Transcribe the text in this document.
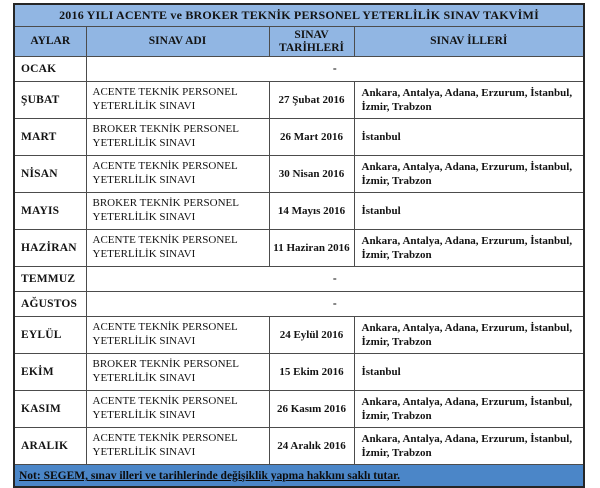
2016 YILI ACENTE ve BROKER TEKNİK PERSONEL YETERLİLİK SINAV TAKVİMİ			
AYLAR	SINAV ADI	SINAV TARİHLERİ	SINAV İLLERİ
OCAK	-		
ŞUBAT	ACENTE TEKNİK PERSONEL YETERLİLİK SINAVI	27 Şubat 2016	Ankara, Antalya, Adana, Erzurum, İstanbul, İzmir, Trabzon
MART	BROKER TEKNİK PERSONEL YETERLİLİK SINAVI	26 Mart 2016	İstanbul
NİSAN	ACENTE TEKNİK PERSONEL YETERLİLİK SINAVI	30 Nisan 2016	Ankara, Antalya, Adana, Erzurum, İstanbul, İzmir, Trabzon
MAYIS	BROKER TEKNİK PERSONEL YETERLİLİK SINAVI	14 Mayıs 2016	İstanbul
HAZİRAN	ACENTE TEKNİK PERSONEL YETERLİLİK SINAVI	11 Haziran 2016	Ankara, Antalya, Adana, Erzurum, İstanbul, İzmir, Trabzon
TEMMUZ	-		
AĞUSTOS	-		
EYLÜL	ACENTE TEKNİK PERSONEL YETERLİLİK SINAVI	24 Eylül 2016	Ankara, Antalya, Adana, Erzurum, İstanbul, İzmir, Trabzon
EKİM	BROKER TEKNİK PERSONEL YETERLİLİK SINAVI	15 Ekim 2016	İstanbul
KASIM	ACENTE TEKNİK PERSONEL YETERLİLİK SINAVI	26 Kasım 2016	Ankara, Antalya, Adana, Erzurum, İstanbul, İzmir, Trabzon
ARALIK	ACENTE TEKNİK PERSONEL YETERLİLİK SINAVI	24 Aralık 2016	Ankara, Antalya, Adana, Erzurum, İstanbul, İzmir, Trabzon
Not: SEGEM, sınav illeri ve tarihlerinde değişiklik yapma hakkını saklı tutar.			
